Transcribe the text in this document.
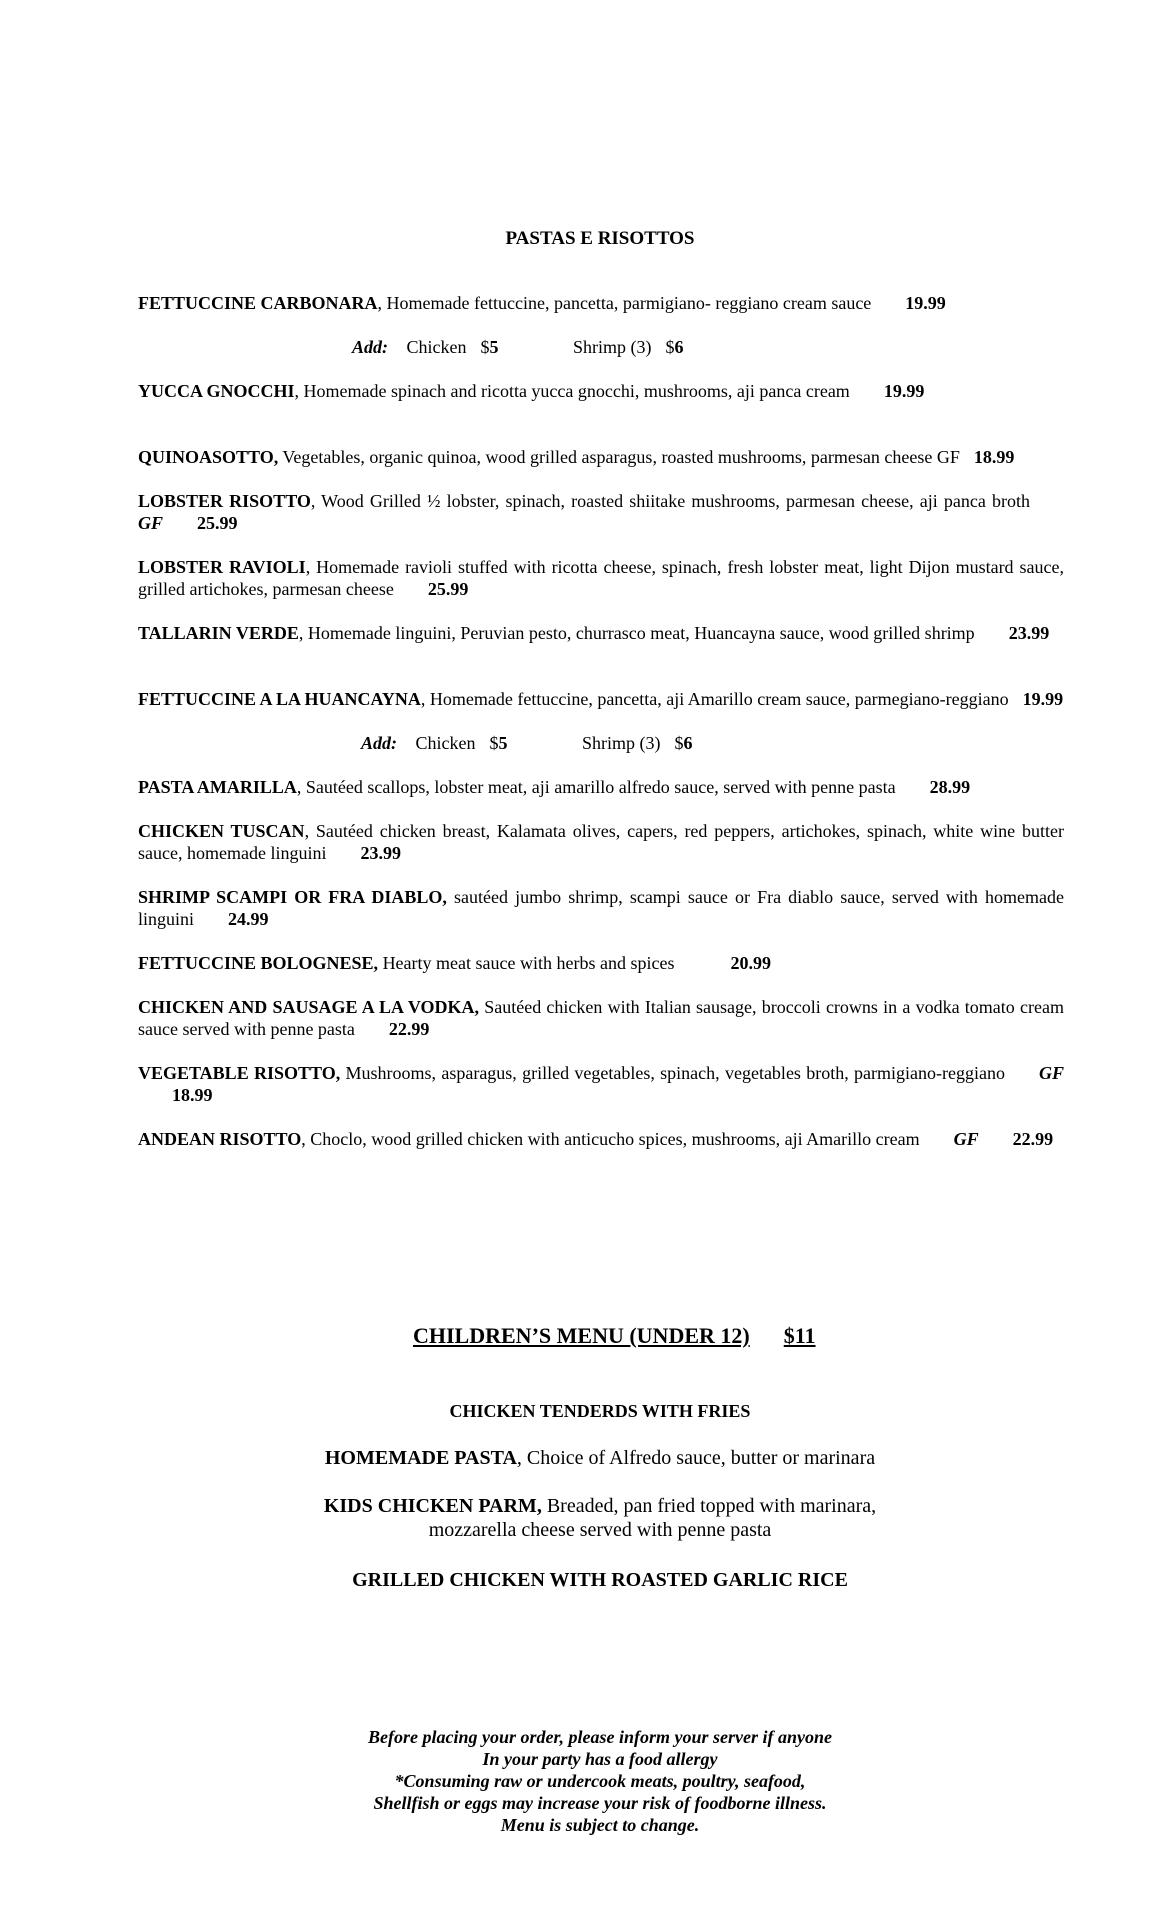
PASTAS E RISOTTOS
FETTUCCINE CARBONARA, Homemade fettuccine, pancetta, parmigiano- reggiano cream sauce 19.99
Add: Chicken $5	Shrimp (3) $6
YUCCA GNOCCHI, Homemade spinach and ricotta yucca gnocchi, mushrooms, aji panca cream 19.99
QUINOASOTTO, Vegetables, organic quinoa, wood grilled asparagus, roasted mushrooms, parmesan cheese GF 18.99
LOBSTER RISOTTO, Wood Grilled ½ lobster, spinach, roasted shiitake mushrooms, parmesan cheese, aji panca brothGF 25.99
LOBSTER RAVIOLI, Homemade ravioli stuffed with ricotta cheese, spinach, fresh lobster meat, light Dijon mustard sauce, grilled artichokes, parmesan cheese 25.99
TALLARIN VERDE, Homemade linguini, Peruvian pesto, churrasco meat, Huancayna sauce, wood grilled shrimp 23.99
FETTUCCINE A LA HUANCAYNA, Homemade fettuccine, pancetta, aji Amarillo cream sauce, parmegiano-reggiano 19.99
Add: Chicken $5	Shrimp (3) $6
PASTA AMARILLA, Sautéed scallops, lobster meat, aji amarillo alfredo sauce, served with penne pasta 28.99
CHICKEN TUSCAN, Sautéed chicken breast, Kalamata olives, capers, red peppers, artichokes, spinach, white wine butter sauce, homemade linguini 23.99
SHRIMP SCAMPI OR FRA DIABLO, sautéed jumbo shrimp, scampi sauce or Fra diablo sauce, served with homemade linguini 24.99
FETTUCCINE BOLOGNESE, Hearty meat sauce with herbs and spices	20.99
CHICKEN AND SAUSAGE A LA VODKA, Sautéed chicken with Italian sausage, broccoli crowns in a vodka tomato cream sauce served with penne pasta 22.99
VEGETABLE RISOTTO, Mushrooms, asparagus, grilled vegetables, spinach, vegetables broth, parmigiano-reggiano GF18.99
ANDEAN RISOTTO, Choclo, wood grilled chicken with anticucho spices, mushrooms, aji Amarillo cream GF 22.99
CHILDREN’S MENU (UNDER 12) $11
CHICKEN TENDERDS WITH FRIES
HOMEMADE PASTA, Choice of Alfredo sauce, butter or marinara
KIDS CHICKEN PARM, Breaded, pan fried topped with marinara,
mozzarella cheese served with penne pasta
GRILLED CHICKEN WITH ROASTED GARLIC RICE
Before placing your order, please inform your server if anyone
In your party has a food allergy
*Consuming raw or undercook meats, poultry, seafood,
Shellfish or eggs may increase your risk of foodborne illness.
Menu is subject to change.
